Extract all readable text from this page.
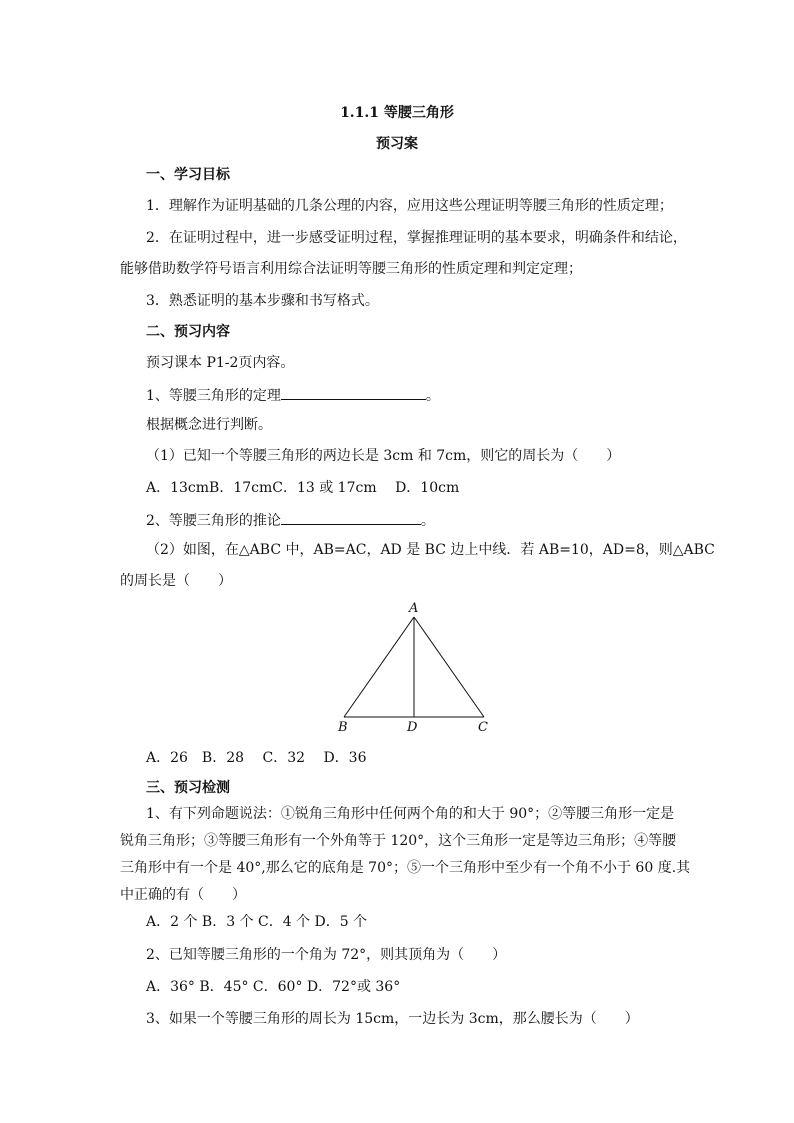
1.1.1 等腰三角形
预习案
一、学习目标
1．理解作为证明基础的几条公理的内容，应用这些公理证明等腰三角形的性质定理；
2．在证明过程中，进一步感受证明过程，掌握推理证明的基本要求，明确条件和结论，
能够借助数学符号语言利用综合法证明等腰三角形的性质定理和判定定理；
3．熟悉证明的基本步骤和书写格式。
二、预习内容
预习课本 P1-2页内容。
1、等腰三角形的定理	。
根据概念进行判断。
（1）已知一个等腰三角形的两边长是 3cm 和 7cm，则它的周长为（　　）
A．13cmB．17cmC．13 或 17cm　 D．10cm
2、等腰三角形的推论	。
（2）如图，在△ABC 中，AB=AC，AD 是 BC 边上中线．若 AB=10，AD=8，则△ABC
的周长是（　　）
A
B	D	C
A．26　B．28　 C．32　 D．36
三、预习检测
1、有下列命题说法：①锐角三角形中任何两个角的和大于 90°；②等腰三角形一定是
锐角三角形；③等腰三角形有一个外角等于 120°，这个三角形一定是等边三角形；④等腰
三角形中有一个是 40°,那么它的底角是 70°；⑤一个三角形中至少有一个角不小于 60 度.其
中正确的有（　　）
A．2 个 B．3 个 C．4 个 D．5 个
2、已知等腰三角形的一个角为 72°，则其顶角为（　　）
A．36° B．45° C．60° D．72°或 36°
3、如果一个等腰三角形的周长为 15cm，一边长为 3cm，那么腰长为（　　）
